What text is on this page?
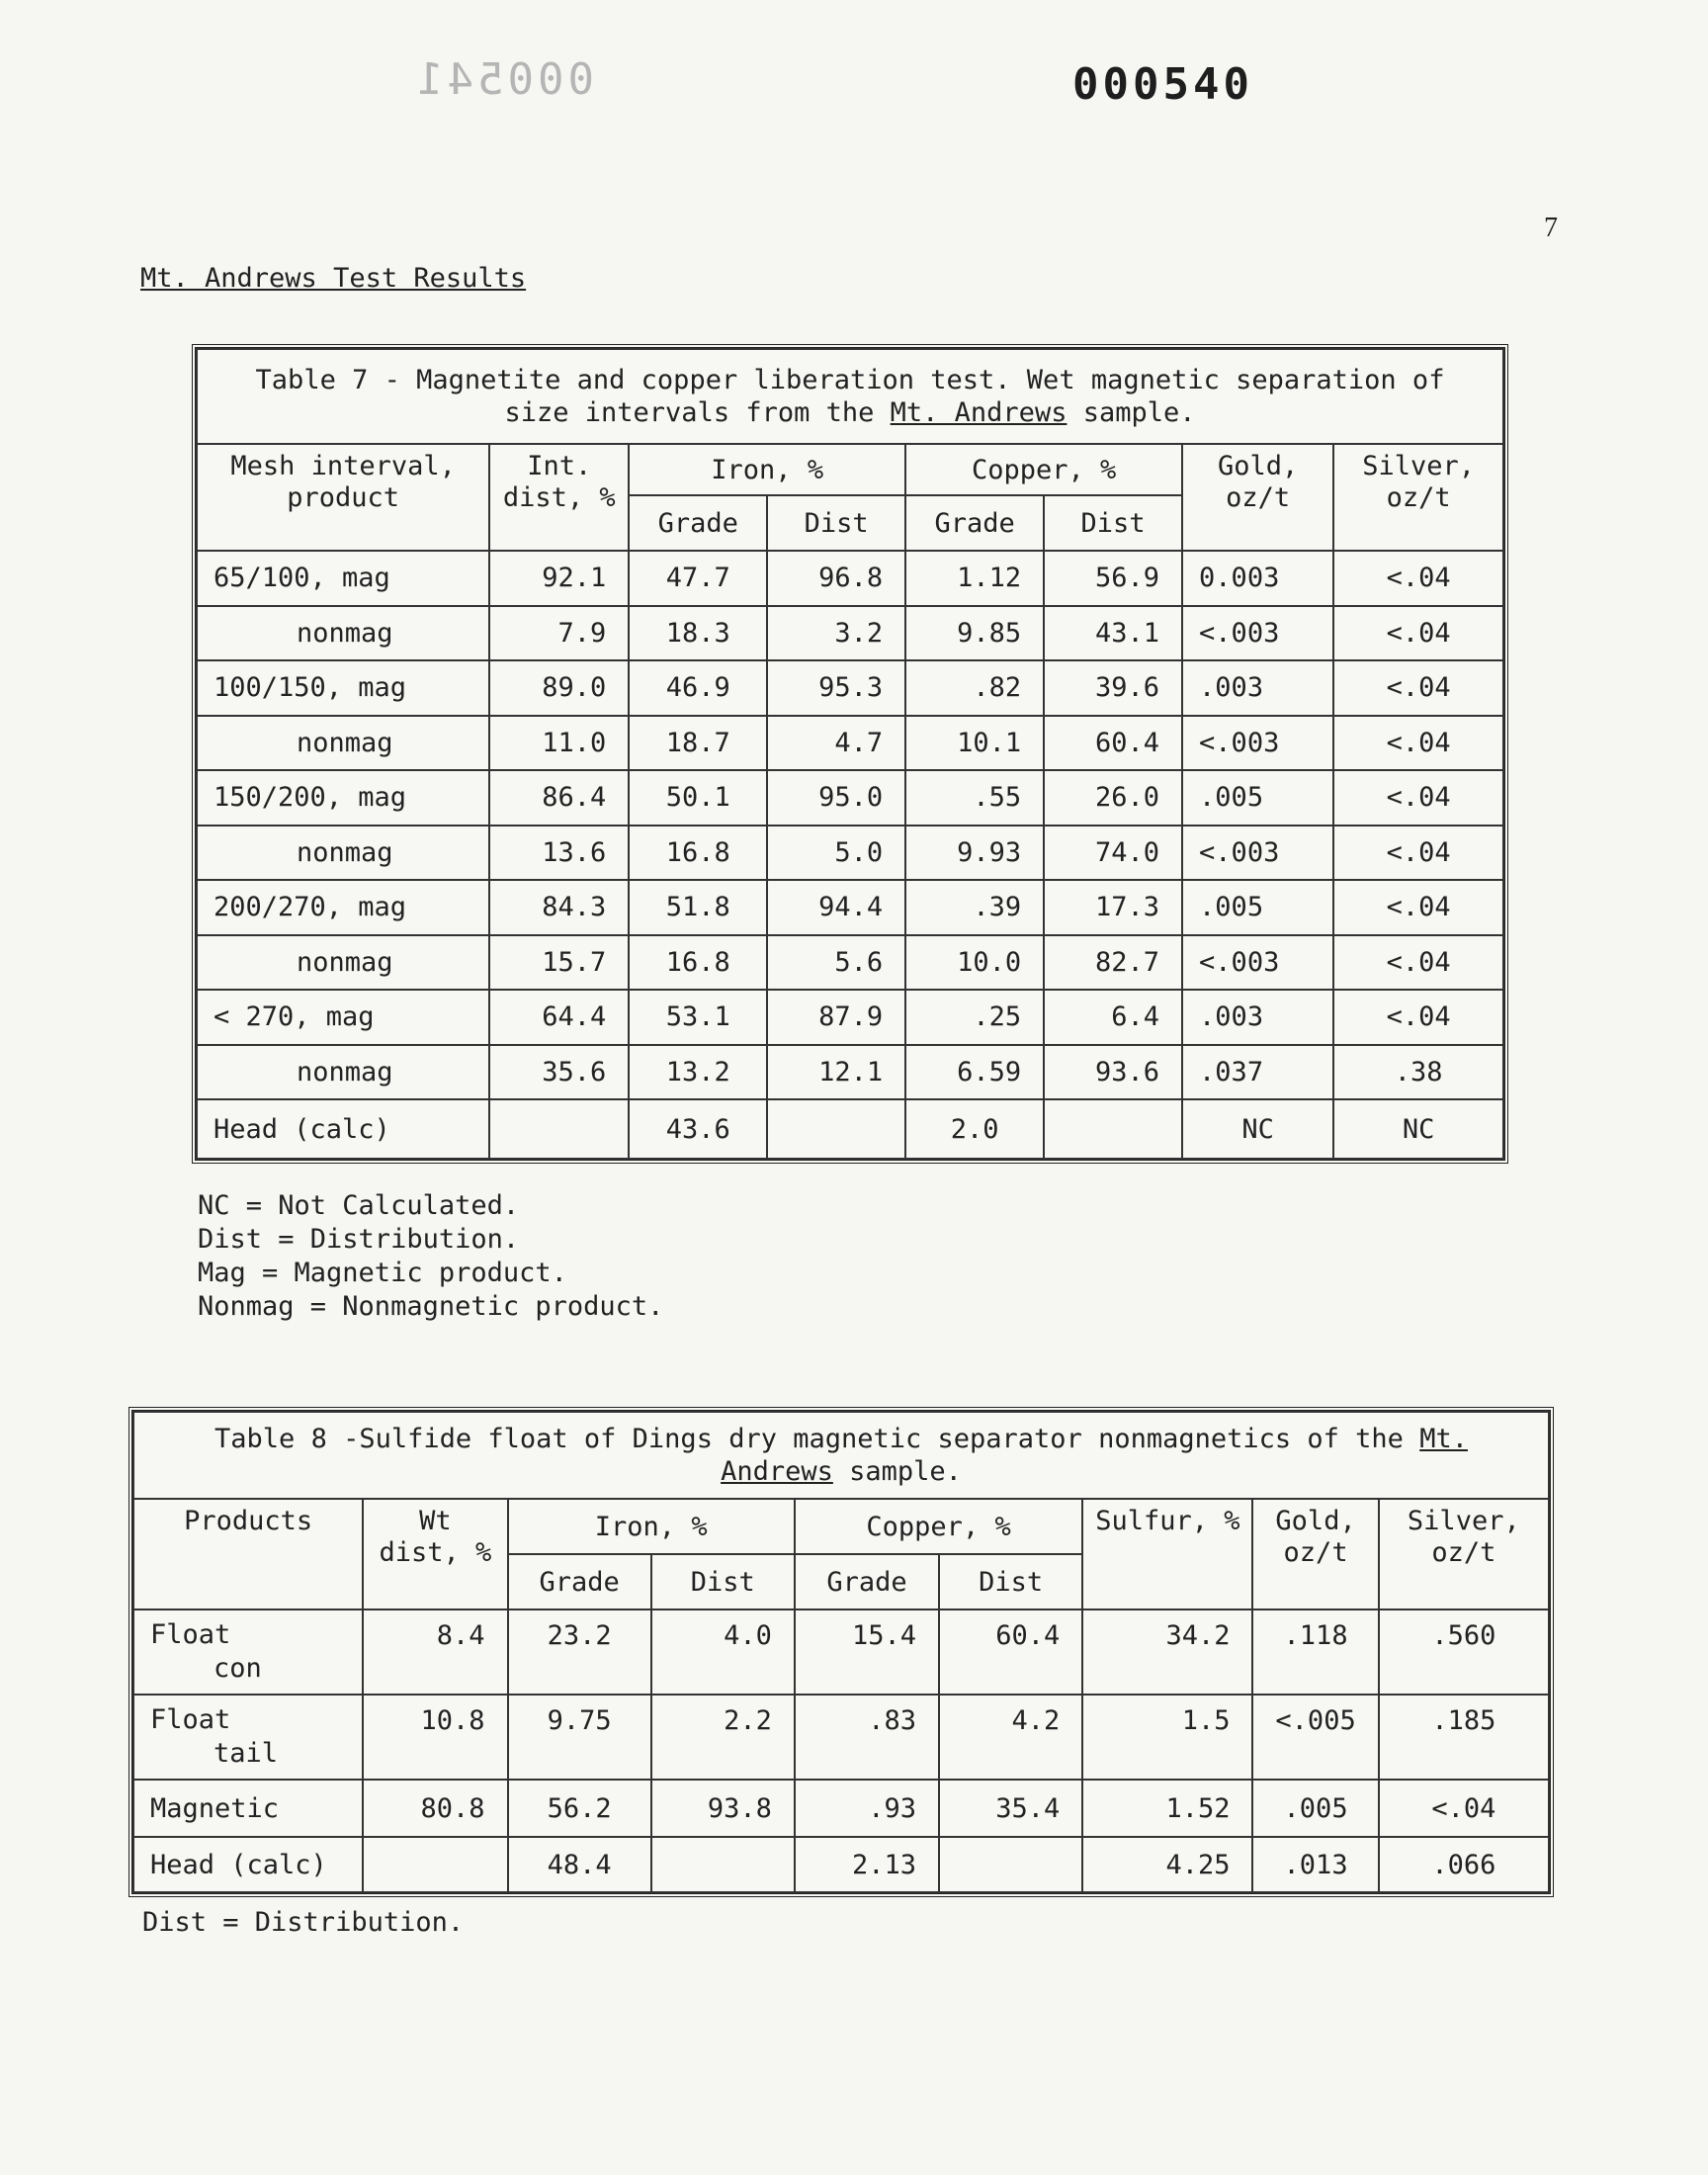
000541	000540
7
Mt. Andrews Test Results
Table 7 - Magnetite and copper liberation test. Wet magnetic separation of size intervals from the Mt. Andrews sample.							
Mesh interval, product	Int. dist, %	Iron, %		Copper, %		Gold, oz/t	Silver, oz/t
		Grade	Dist	Grade	Dist		
65/100, mag	92.1	47.7	96.8	1.12	56.9	0.003	<.04
nonmag	7.9	18.3	3.2	9.85	43.1	<.003	<.04
100/150, mag	89.0	46.9	95.3	.82	39.6	.003	<.04
nonmag	11.0	18.7	4.7	10.1	60.4	<.003	<.04
150/200, mag	86.4	50.1	95.0	.55	26.0	.005	<.04
nonmag	13.6	16.8	5.0	9.93	74.0	<.003	<.04
200/270, mag	84.3	51.8	94.4	.39	17.3	.005	<.04
nonmag	15.7	16.8	5.6	10.0	82.7	<.003	<.04
< 270, mag	64.4	53.1	87.9	.25	6.4	.003	<.04
nonmag	35.6	13.2	12.1	6.59	93.6	.037	.38
Head (calc)		43.6		2.0		NC	NC
NC = Not Calculated.
Dist = Distribution.
Mag = Magnetic product.
Nonmag = Nonmagnetic product.
Table 8 -Sulfide float of Dings dry magnetic separator nonmagnetics of the Mt.
Andrews sample.								
Products	Wt dist, %	Iron, %		Copper, %		Sulfur, %	Gold, oz/t	Silver, oz/t
		Grade	Dist	Grade	Dist			

Float
con	8.4	23.2	4.0	15.4	60.4	34.2	.118	.560

Float
tail	10.8	9.75	2.2	.83	4.2	1.5	<.005	.185

Magnetic	80.8	56.2	93.8	.93	35.4	1.52	.005	<.04
Head (calc)		48.4		2.13		4.25	.013	.066
Dist = Distribution.
